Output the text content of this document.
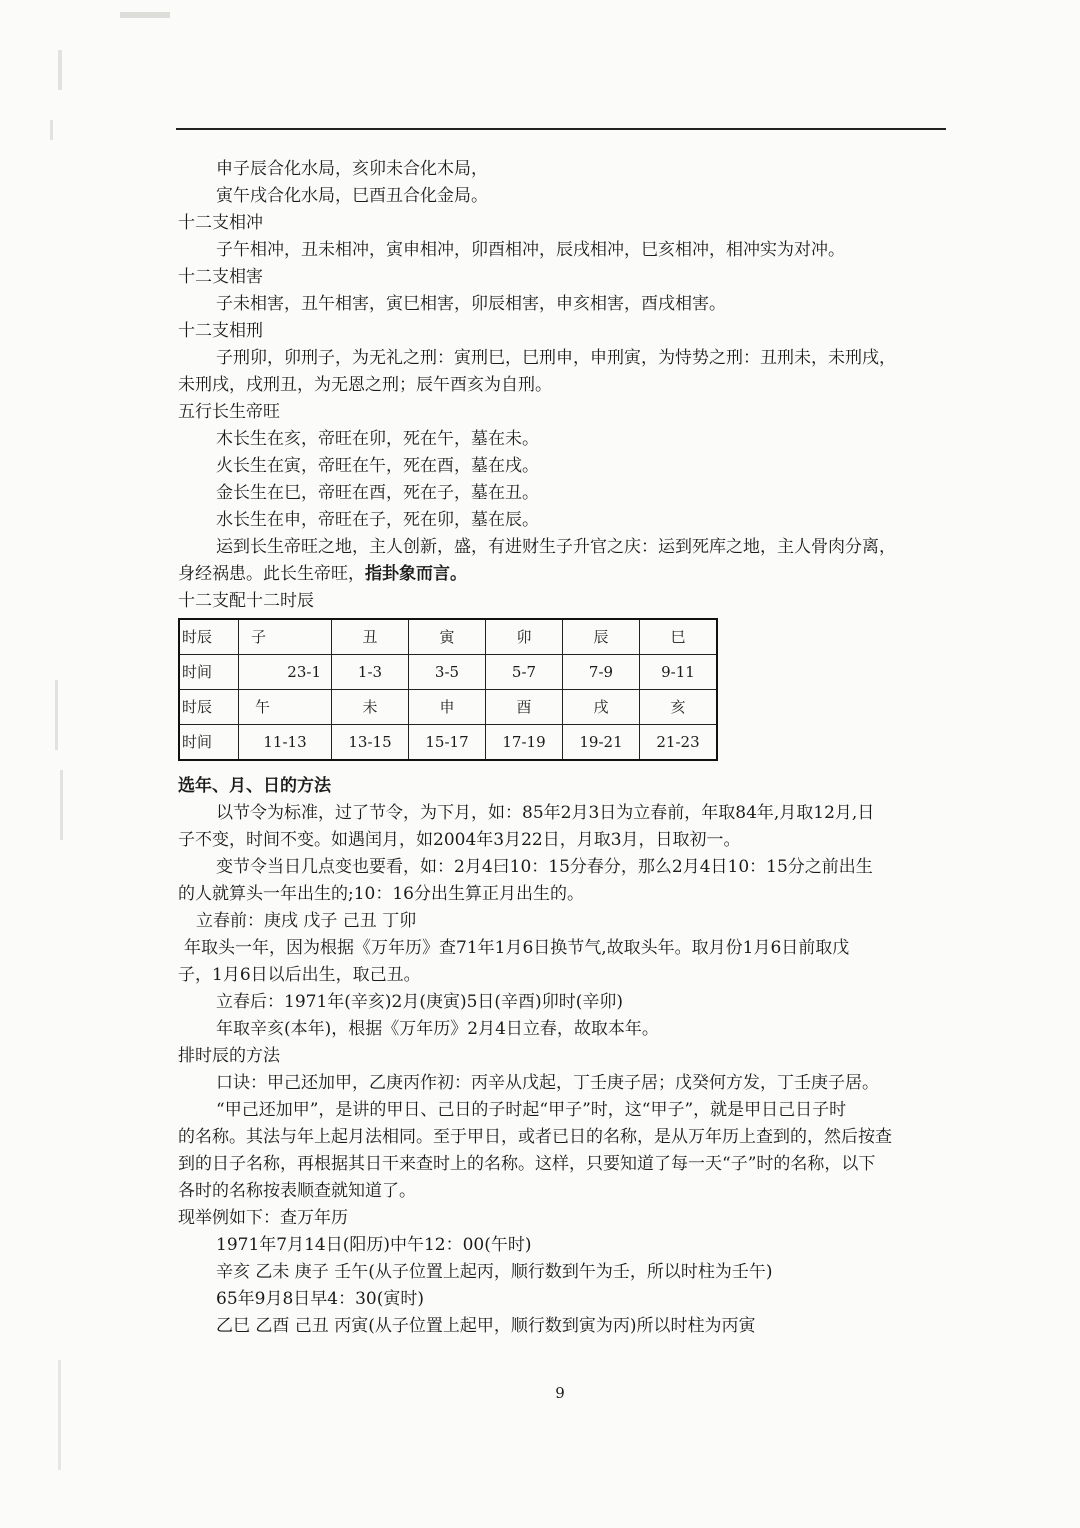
申子辰合化水局，亥卯未合化木局，
寅午戌合化水局，巳酉丑合化金局。
十二支相冲
子午相冲，丑未相冲，寅申相冲，卯酉相冲，辰戌相冲，巳亥相冲，相冲实为对冲。
十二支相害
子未相害，丑午相害，寅巳相害，卯辰相害，申亥相害，酉戌相害。
十二支相刑
子刑卯，卯刑子，为无礼之刑：寅刑巳，巳刑申，申刑寅，为恃势之刑：丑刑未，未刑戌，
未刑戌，戌刑丑，为无恩之刑；辰午酉亥为自刑。
五行长生帝旺
木长生在亥，帝旺在卯，死在午，墓在未。
火长生在寅，帝旺在午，死在酉，墓在戌。
金长生在巳，帝旺在酉，死在子，墓在丑。
水长生在申，帝旺在子，死在卯，墓在辰。
运到长生帝旺之地，主人创新，盛，有进财生子升官之庆：运到死库之地，主人骨肉分离，
身经祸患。此长生帝旺，指卦象而言。
十二支配十二时辰
时辰	子	丑	寅	卯	辰	巳
时间	23-1	1-3	3-5	5-7	7-9	9-11
时辰	午	未	申	酉	戌	亥
时间	11-13	13-15	15-17	17-19	19-21	21-23
选年、月、日的方法
以节令为标准，过了节令，为下月，如：85年2月3日为立春前，年取84年,月取12月,日
子不变，时间不变。如遇闰月，如2004年3月22日，月取3月，日取初一。
变节令当日几点变也要看，如：2月4曰10：15分春分，那么2月4日10：15分之前出生
的人就算头一年出生的;10：16分出生算正月出生的。
立春前：庚戌 戊子 己丑 丁卯
年取头一年，因为根据《万年历》查71年1月6日换节气,故取头年。取月份1月6日前取戊
子，1月6日以后出生，取己丑。
立春后：1971年(辛亥)2月(庚寅)5日(辛酉)卯时(辛卯)
年取辛亥(本年)，根据《万年历》2月4日立春，故取本年。
排时辰的方法
口诀：甲己还加甲，乙庚丙作初：丙辛从戊起，丁壬庚子居；戊癸何方发，丁壬庚子居。
“甲己还加甲”，是讲的甲日、己日的子时起“甲子”时，这“甲子”，就是甲日己日子时
的名称。其法与年上起月法相同。至于甲日，或者已日的名称，是从万年历上查到的，然后按查
到的日子名称，再根据其日干来查时上的名称。这样，只要知道了每一天“子”时的名称，以下
各时的名称按表顺查就知道了。
现举例如下：查万年历
1971年7月14日(阳历)中午12：00(午时)
辛亥 乙未 庚子 壬午(从子位置上起丙，顺行数到午为壬，所以时柱为壬午)
65年9月8日早4：30(寅时)
乙巳 乙酉 己丑 丙寅(从子位置上起甲，顺行数到寅为丙)所以时柱为丙寅
9
